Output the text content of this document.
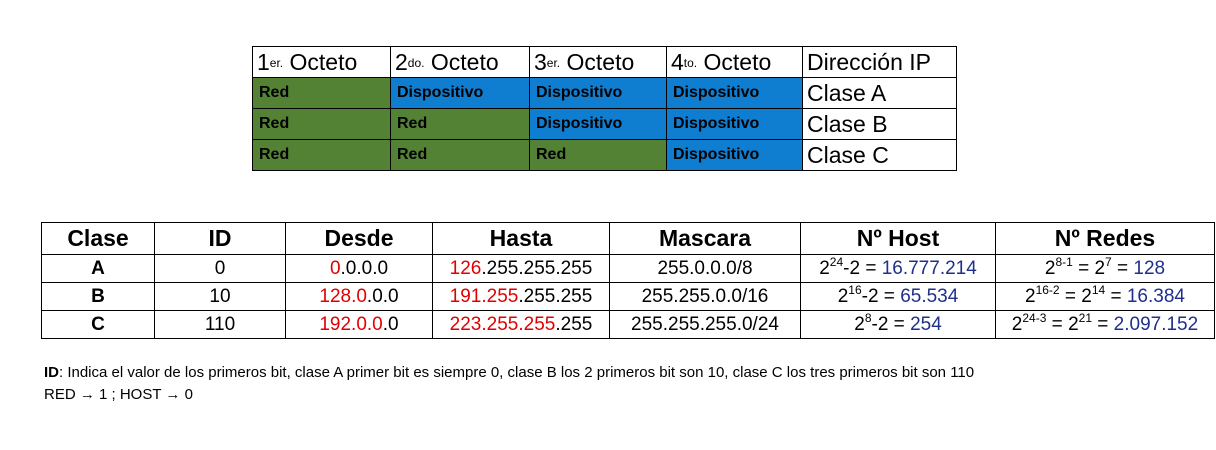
$1^{er.}$ Octeto	$2^{do.}$ Octeto	$3^{er.}$ Octeto	$4^{to.}$ Octeto	Dirección IP
Red	Dispositivo	Dispositivo	Dispositivo	Clase A
Red	Red	Dispositivo	Dispositivo	Clase B
Red	Red	Red	Dispositivo	Clase C
Clase	ID	Desde	Hasta	Mascara	Nº Host	Nº Redes
A	0	0.0.0.0	126.255.255.255	255.0.0.0/8	$2^{24}-2 = 16.777.214$	$2^{8-1} = 2^7 = 128$
B	10	128.0.0.0	191.255.255.255	255.255.0.0/16	$2^{16}-2 = 65.534$	$2^{16-2} = 2^{14} = 16.384$
C	110	192.0.0.0	223.255.255.255	255.255.255.0/24	$2^8-2 = 254$	$2^{24-3} = 2^{21} = 2.097.152$
ID: Indica el valor de los primeros bit, clase A primer bit es siempre 0, clase B los 2 primeros bit son 10, clase C los tres primeros bit son 110
RED → 1 ; HOST → 0
